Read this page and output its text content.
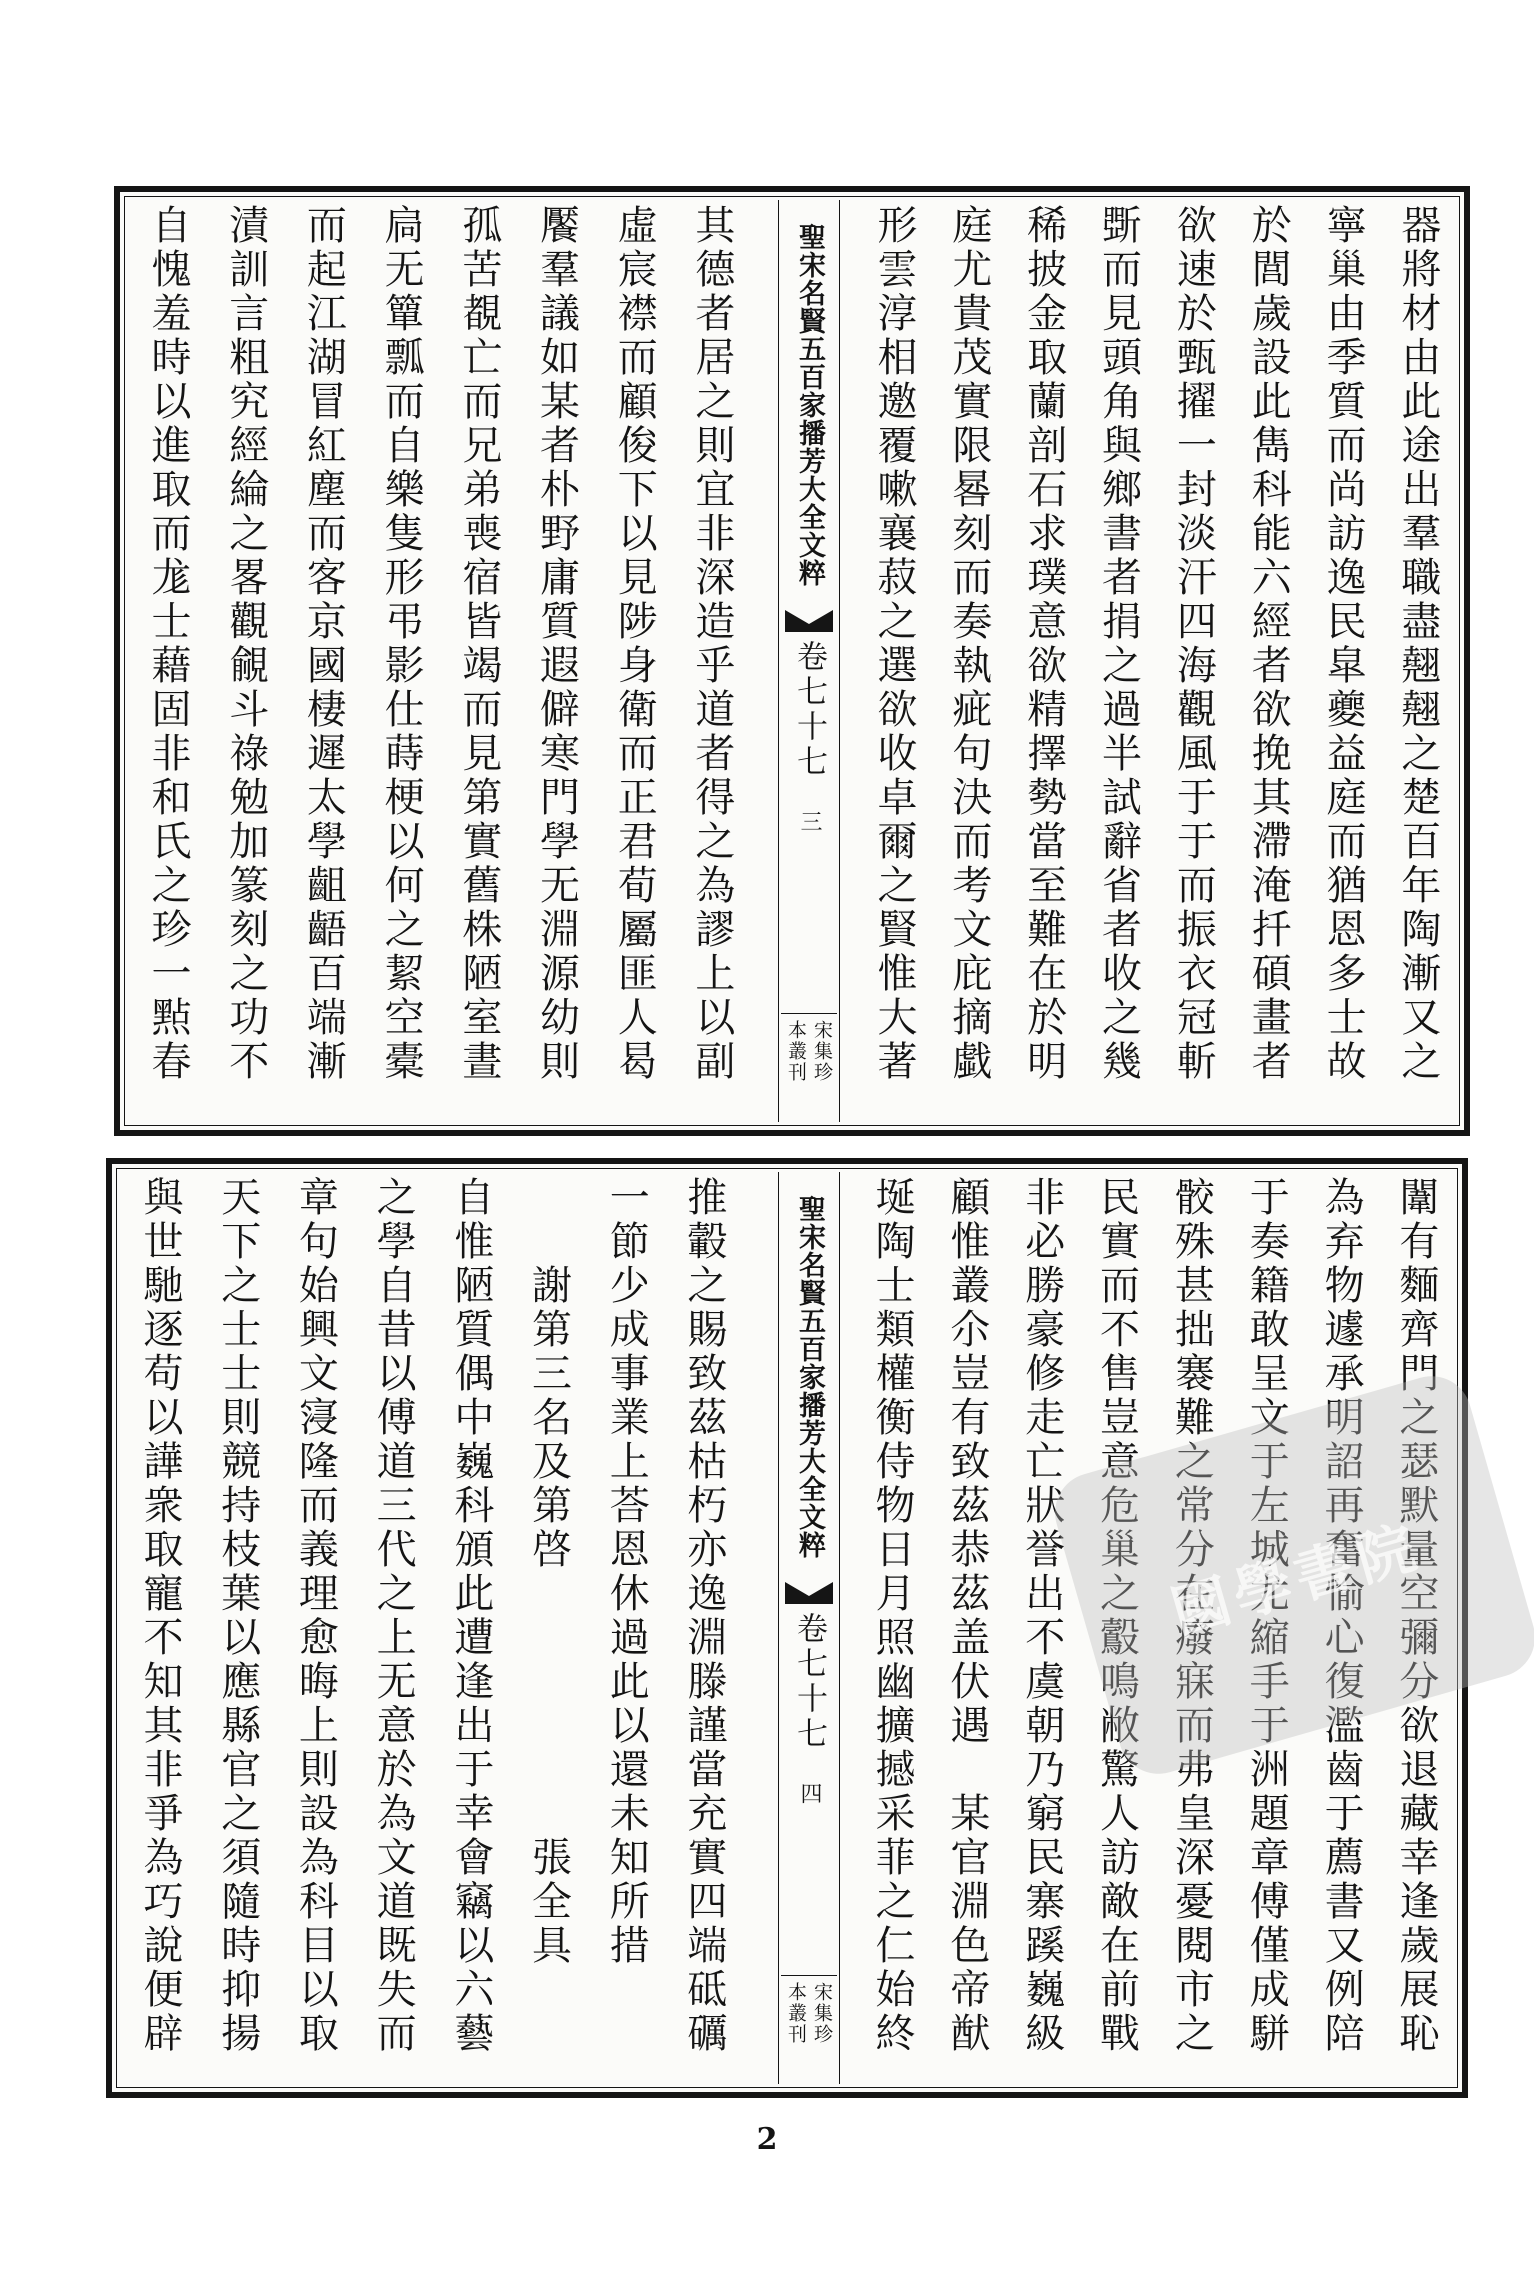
器將材由此途出羣職盡翹翹之楚百年陶漸又之
寧巢由季質而尚訪逸民皐夔益庭而猶恩多士故
於閭歲設此雋科能六經者欲挽其滯淹扦碩畫者
欲速於甄擢一封淡汗四海觀風于于而振衣冠斬
斲而見頭角與鄉書者捐之過半試辭省者收之幾
稀披金取蘭剖石求璞意欲精擇勢當至難在於明
庭尤貴茂實限晷刻而奏執疵句決而考文庇摘戱
形雲淳相邀覆嗽襄菽之選欲收卓爾之賢惟大著
聖宋名賢五百家播芳大全文粹
卷七十七
三
宋集珍
本叢刊
其德者居之則宜非深造乎道者得之為謬上以副
虛宸襟而顧俊下以見陟身衛而正君荀屬匪人曷
饜羣議如某者朴野庸質遐僻寒門學无淵源幼則
孤苦覩亡而兄弟喪宿皆竭而見第實舊株陋室晝
扃无簞瓢而自樂隻形弔影仕蒔梗以何之絜空橐
而起江湖冒紅塵而客京國棲遲太學齟齬百端漸
漬訓言粗究經綸之畧觀覦斗祿勉加篆刻之功不
自愧羞時以進取而尨士藉固非和氏之珍一㸃春
闈有麵齊門之瑟默量空彌分欲退藏幸逢歲展恥
為弃物遽承明詔再奮愉心復濫齒于薦書又例陪
于奏籍敢呈文于左城尤縮手于洲題章傅僅成駢
骹殊甚拙褰難之常分在癈寐而弗皇深憂閱市之
民實而不售豈意危巢之鷇鳴敝驚人訪敵在前戰
非必勝豪修走亡狀誉出不虞朝乃窮民寨蹊巍級
顧惟叢尒豈有致茲恭茲盖伏遇　某官淵色帝猷
埏陶士類權衡侍物日月照幽擴撼采菲之仁始終
聖宋名賢五百家播芳大全文粹
卷七十七
四
宋集珍
本叢刊
推轂之賜致茲枯朽亦逸淵滕謹當充實四端砥礪
一節少成事業上荅恩休過此以還未知所措
　　謝第三名及第啓　　　　　　張全具
自惟陋質偶中巍科頒此遭逢出于幸會竊以六藝
之學自昔以傅道三代之上无意於為文道既失而
章句始興文寖隆而義理愈晦上則設為科目以取
天下之士士則競持枝葉以應縣官之須隨時抑揚
與世馳逐苟以譁衆取寵不知其非爭為巧說便辟	國學書院
2
